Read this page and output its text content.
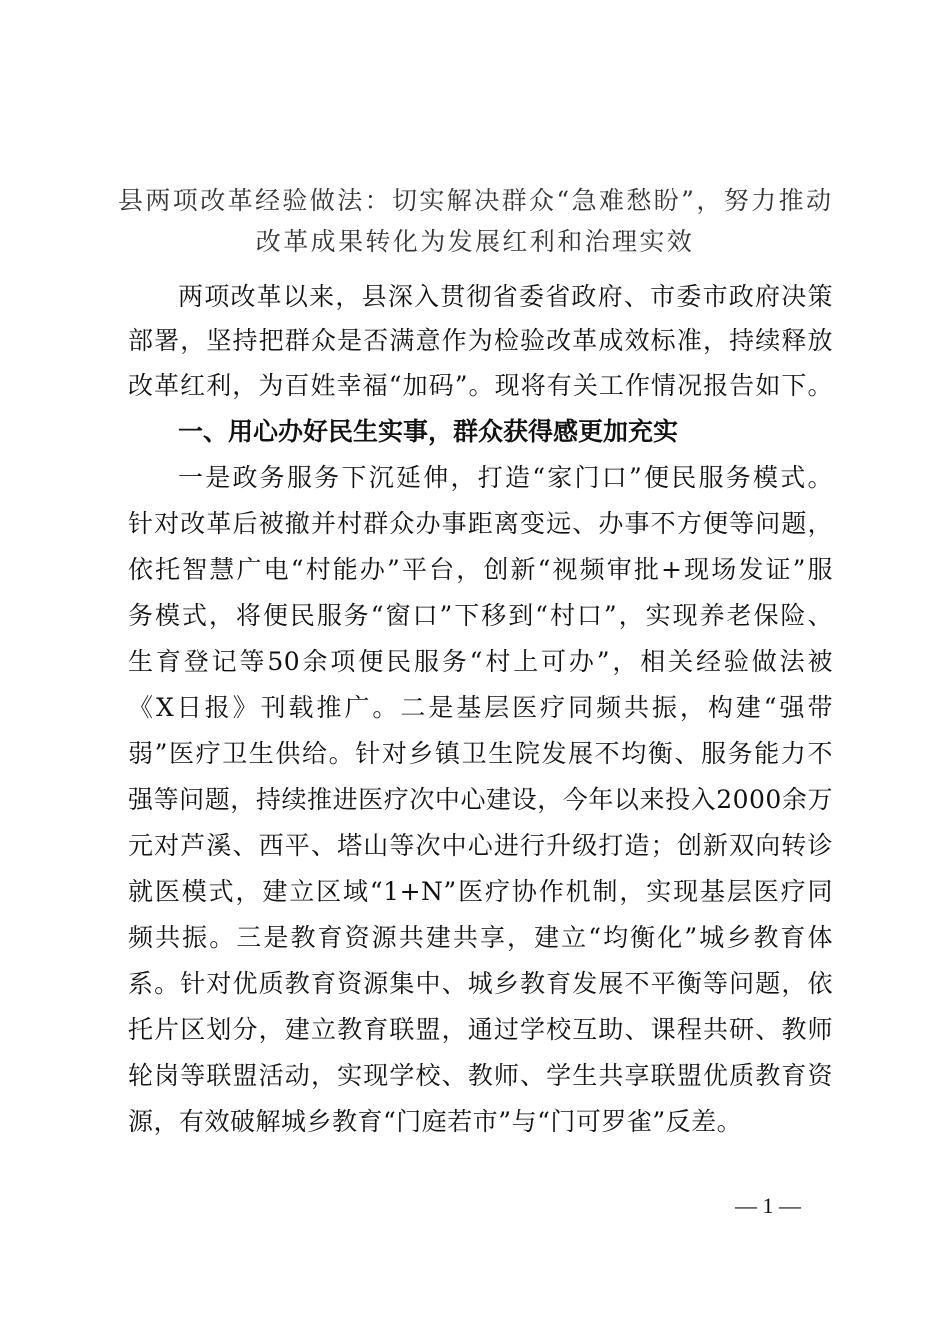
县两项改革经验做法：切实解决群众“急难愁盼”，努力推动
改革成果转化为发展红利和治理实效
两项改革以来，县深入贯彻省委省政府、市委市政府决策
部署，坚持把群众是否满意作为检验改革成效标准，持续释放
改革红利，为百姓幸福“加码”。现将有关工作情况报告如下。
一、用心办好民生实事，群众获得感更加充实
一是政务服务下沉延伸，打造“家门口”便民服务模式。
针对改革后被撤并村群众办事距离变远、办事不方便等问题，
依托智慧广电“村能办”平台，创新“视频审批+现场发证”服
务模式，将便民服务“窗口”下移到“村口”，实现养老保险、
生育登记等50余项便民服务“村上可办”，相关经验做法被
《X日报》刊载推广。二是基层医疗同频共振，构建“强带
弱”医疗卫生供给。针对乡镇卫生院发展不均衡、服务能力不
强等问题，持续推进医疗次中心建设，今年以来投入2000余万
元对芦溪、西平、塔山等次中心进行升级打造；创新双向转诊
就医模式，建立区域“1+N”医疗协作机制，实现基层医疗同
频共振。三是教育资源共建共享，建立“均衡化”城乡教育体
系。针对优质教育资源集中、城乡教育发展不平衡等问题，依
托片区划分，建立教育联盟，通过学校互助、课程共研、教师
轮岗等联盟活动，实现学校、教师、学生共享联盟优质教育资
源，有效破解城乡教育“门庭若市”与“门可罗雀”反差。
— 1 —
